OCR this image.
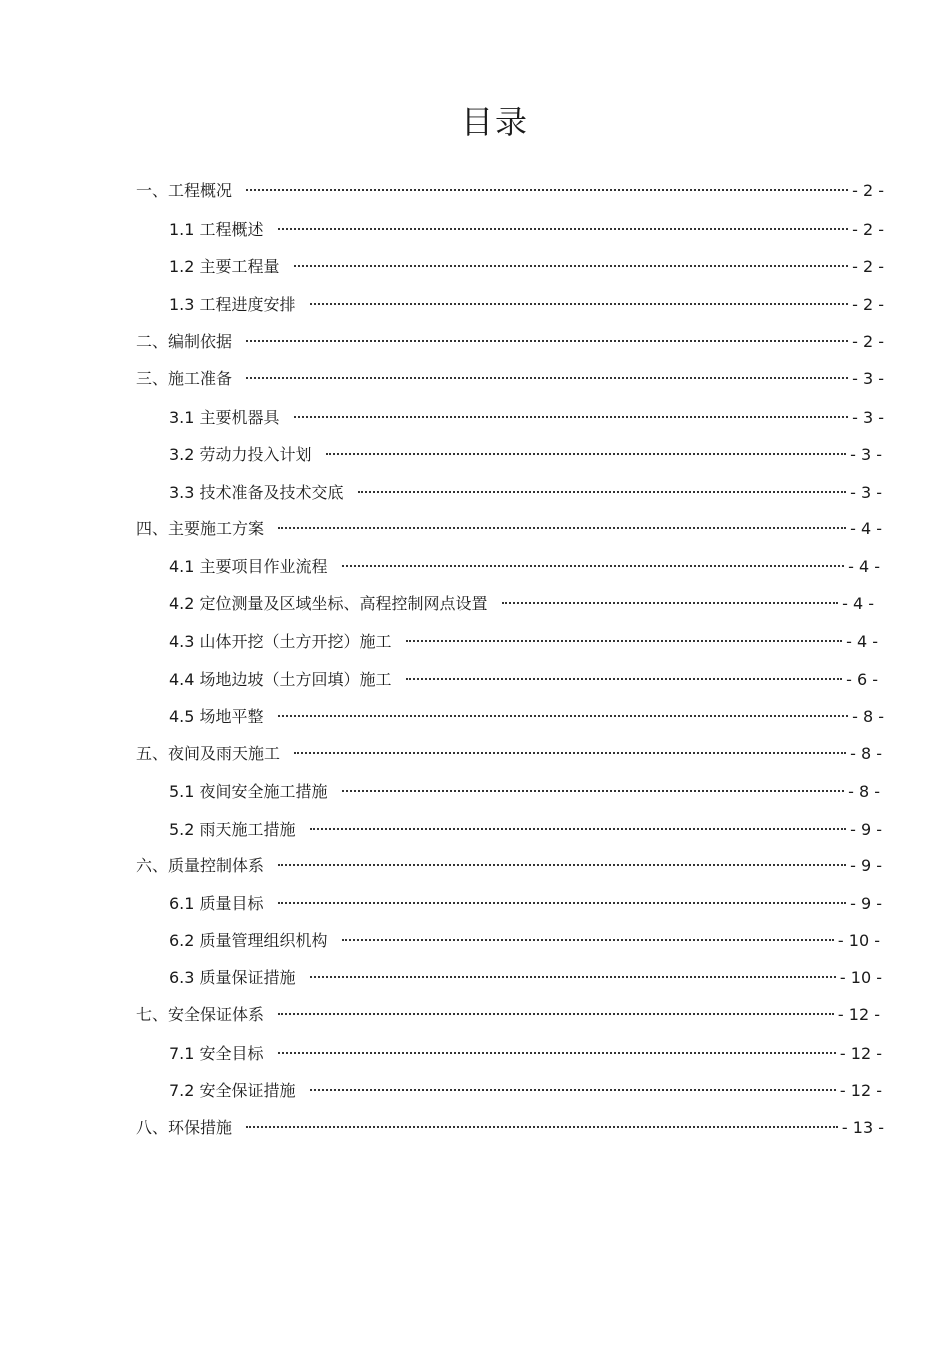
目录
一、工程概况	- 2 -
1.1 工程概述	- 2 -
1.2 主要工程量	- 2 -
1.3 工程进度安排	- 2 -
二、编制依据	- 2 -
三、施工准备	- 3 -
3.1 主要机器具	- 3 -
3.2 劳动力投入计划	- 3 -
3.3 技术准备及技术交底	- 3 -
四、主要施工方案	- 4 -
4.1 主要项目作业流程	- 4 -
4.2 定位测量及区域坐标、高程控制网点设置	- 4 -
4.3 山体开挖（土方开挖）施工	- 4 -
4.4 场地边坡（土方回填）施工	- 6 -
4.5 场地平整	- 8 -
五、夜间及雨天施工	- 8 -
5.1 夜间安全施工措施	- 8 -
5.2 雨天施工措施	- 9 -
六、质量控制体系	- 9 -
6.1 质量目标	- 9 -
6.2 质量管理组织机构	- 10 -
6.3 质量保证措施	- 10 -
七、安全保证体系	- 12 -
7.1 安全目标	- 12 -
7.2 安全保证措施	- 12 -
八、环保措施	- 13 -
